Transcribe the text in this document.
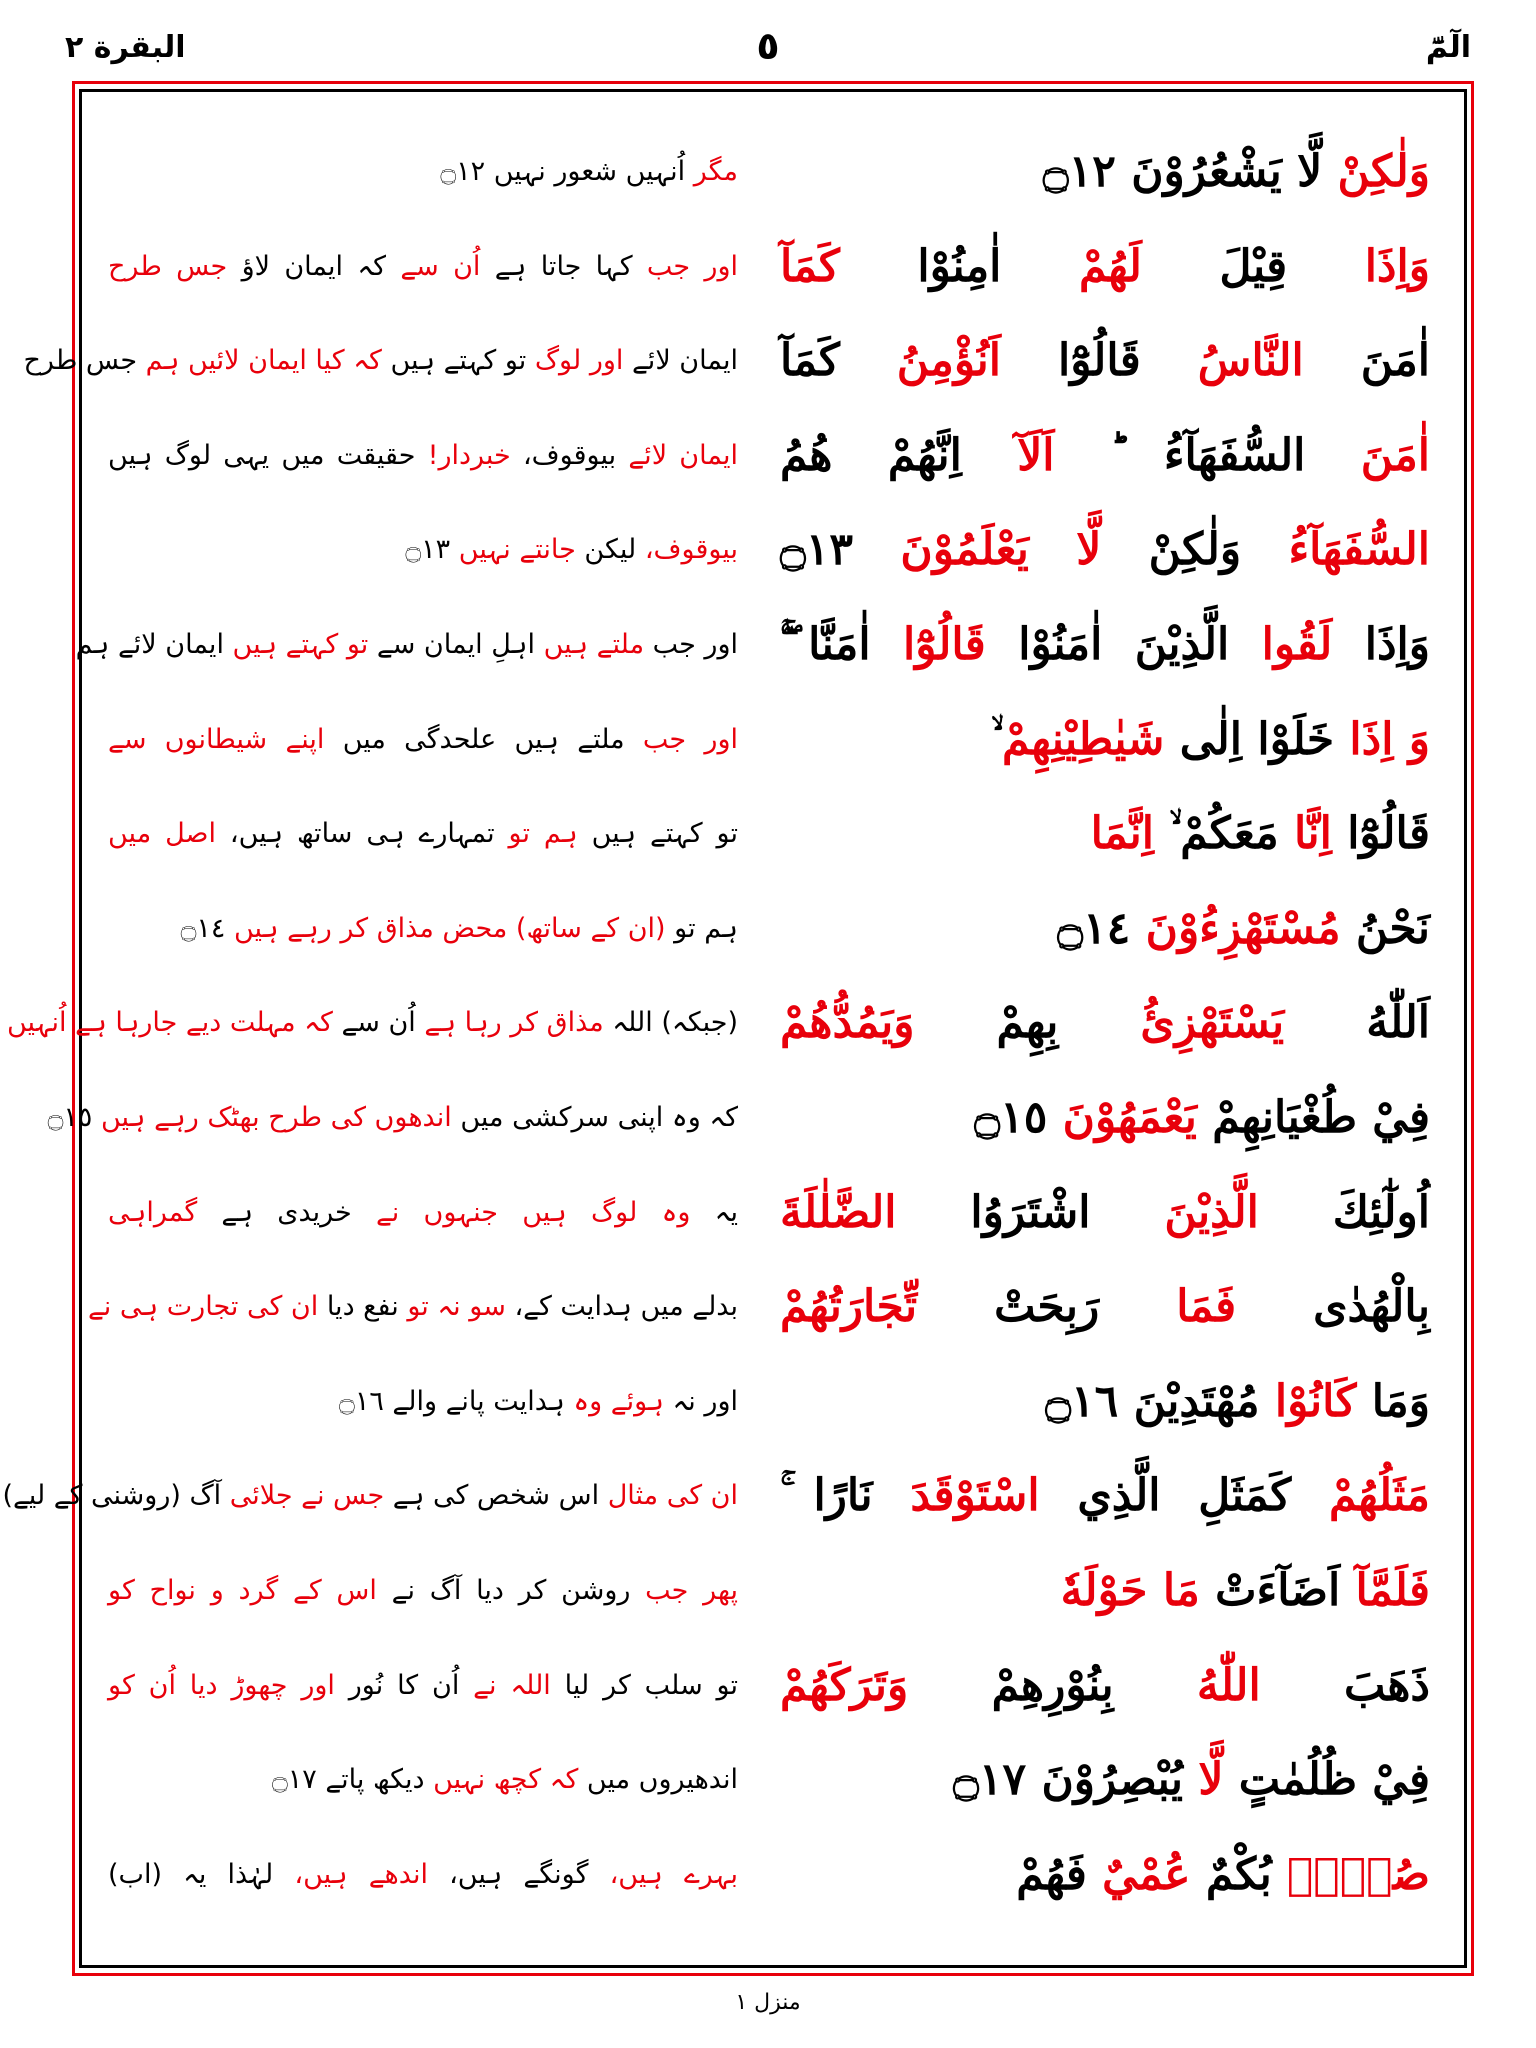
الٓمّٓ
٥
البقرة ٢
وَلٰكِنْ لَّا يَشْعُرُوْنَ ۝١٢
وَاِذَا قِيْلَ لَهُمْ اٰمِنُوْا كَمَآ
اٰمَنَ النَّاسُ قَالُوْٓا اَنُؤْمِنُ كَمَآ
اٰمَنَ السُّفَهَآءُ ؕ اَلَآ اِنَّهُمْ هُمُ
السُّفَهَآءُ وَلٰكِنْ لَّا يَعْلَمُوْنَ ۝١٣
وَاِذَا لَقُوا الَّذِيْنَ اٰمَنُوْا قَالُوْٓا اٰمَنَّا ۚۖ
وَ اِذَا خَلَوْا اِلٰى شَيٰطِيْنِهِمْ ۙ
قَالُوْٓا اِنَّا مَعَكُمْ ۙ اِنَّمَا
نَحْنُ مُسْتَهْزِءُوْنَ ۝١٤
اَللّٰهُ يَسْتَهْزِئُ بِهِمْ وَيَمُدُّهُمْ
فِيْ طُغْيَانِهِمْ يَعْمَهُوْنَ ۝١٥
اُولٰٓئِكَ الَّذِيْنَ اشْتَرَوُا الضَّلٰلَةَ
بِالْهُدٰى فَمَا رَبِحَتْ تِّجَارَتُهُمْ
وَمَا كَانُوْا مُهْتَدِيْنَ ۝١٦
مَثَلُهُمْ كَمَثَلِ الَّذِي اسْتَوْقَدَ نَارًا ۚ
فَلَمَّآ اَضَآءَتْ مَا حَوْلَهٗ
ذَهَبَ اللّٰهُ بِنُوْرِهِمْ وَتَرَكَهُمْ
فِيْ ظُلُمٰتٍ لَّا يُبْصِرُوْنَ ۝١٧
صُمٌّۢ بُكْمٌ عُمْيٌ فَهُمْ
مگر اُنہیں شعور نہیں ۝١٢
اور جب کہا جاتا ہے اُن سے کہ ایمان لاؤ جس طرح
ایمان لائے اور لوگ تو کہتے ہیں کہ کیا ایمان لائیں ہم جس طرح
ایمان لائے بیوقوف، خبردار! حقیقت میں یہی لوگ ہیں
بیوقوف، لیکن جانتے نہیں ۝١٣
اور جب ملتے ہیں اہلِ ایمان سے تو کہتے ہیں ایمان لائے ہم
اور جب ملتے ہیں علحدگی میں اپنے شیطانوں سے
تو کہتے ہیں ہم تو تمہارے ہی ساتھ ہیں، اصل میں
ہم تو (ان کے ساتھ) محض مذاق کر رہے ہیں ۝١٤
(جبکہ) اللہ مذاق کر رہا ہے اُن سے کہ مہلت دیے جارہا ہے اُنہیں
کہ وہ اپنی سرکشی میں اندھوں کی طرح بھٹک رہے ہیں ۝١٥
یہ وہ لوگ ہیں جنہوں نے خریدی ہے گمراہی
بدلے میں ہدایت کے، سو نہ تو نفع دیا ان کی تجارت ہی نے
اور نہ ہوئے وہ ہدایت پانے والے ۝١٦
ان کی مثال اس شخص کی ہے جس نے جلائی آگ (روشنی کے لیے)
پھر جب روشن کر دیا آگ نے اس کے گرد و نواح کو
تو سلب کر لیا اللہ نے اُن کا نُور اور چھوڑ دیا اُن کو
اندھیروں میں کہ کچھ نہیں دیکھ پاتے ۝١٧
بہرے ہیں، گونگے ہیں، اندھے ہیں، لہٰذا یہ (اب)
منزل ١
